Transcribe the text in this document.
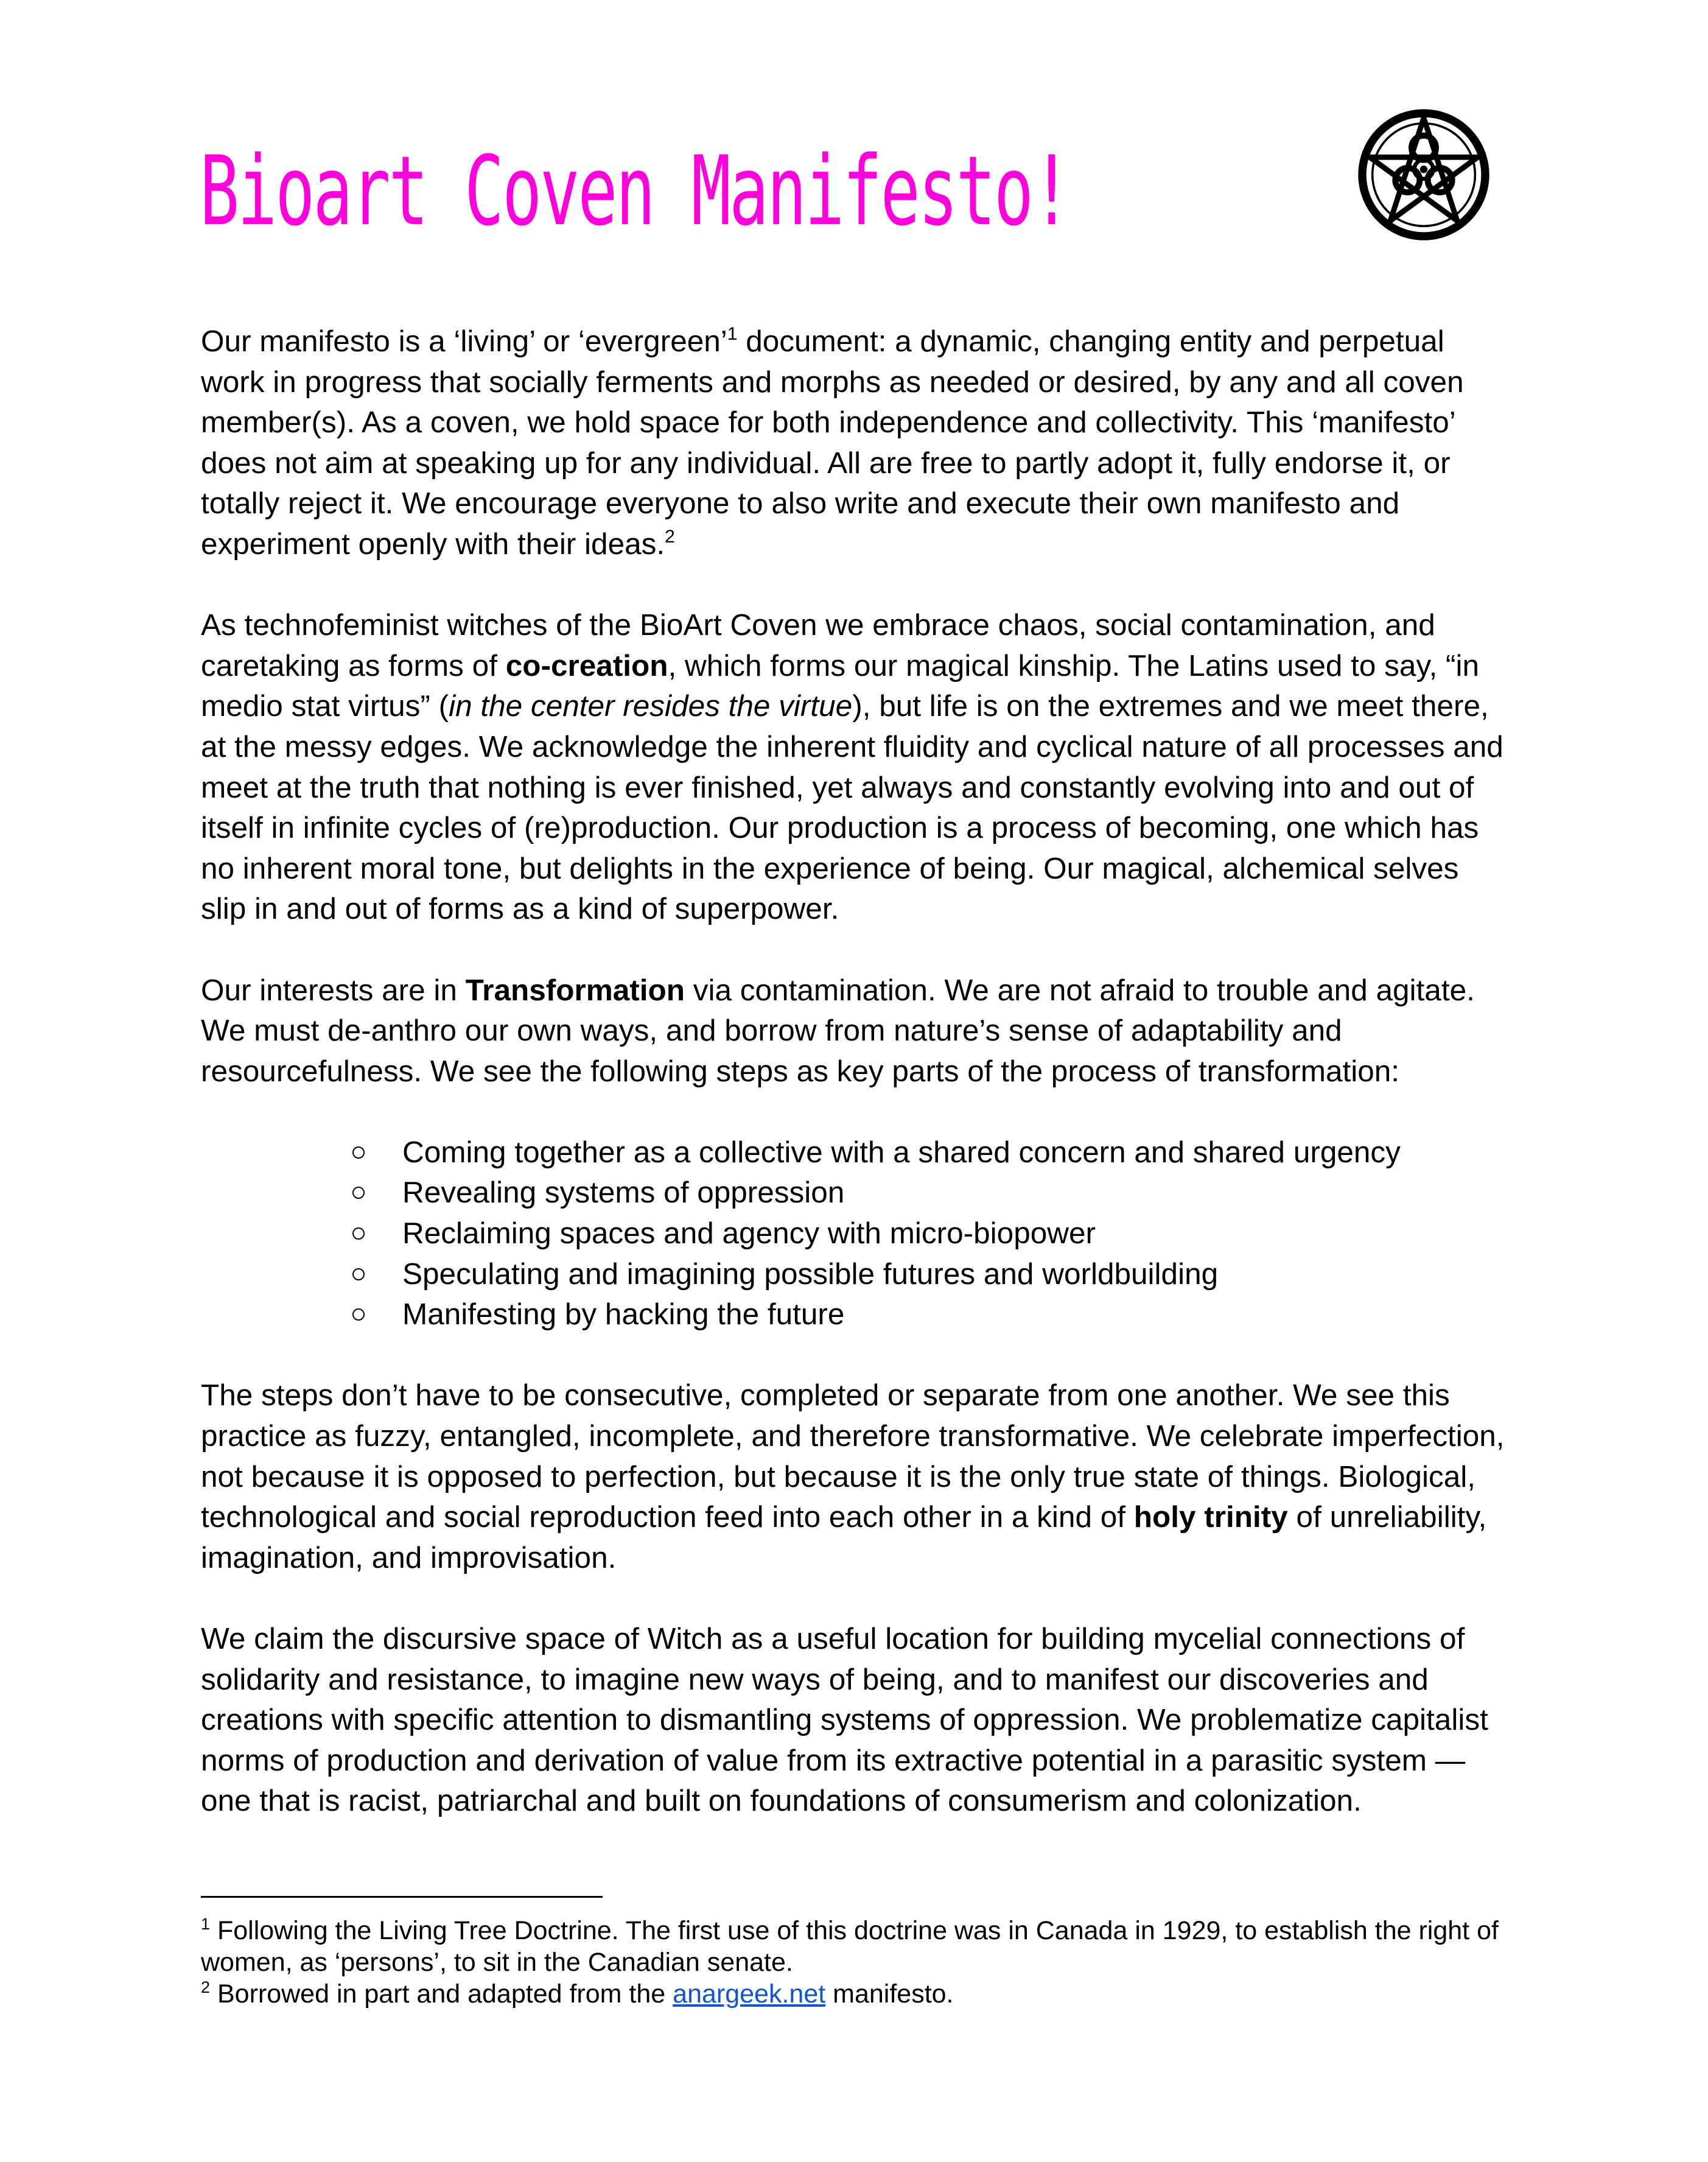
Bioart Coven Manifesto!

Our manifesto is a ‘living’ or ‘evergreen’$^1$ document: a dynamic, changing entity and perpetual work in progress that socially ferments and morphs as needed or desired, by any and all coven member(s). As a coven, we hold space for both independence and collectivity. This ‘manifesto’ does not aim at speaking up for any individual. All are free to partly adopt it, fully endorse it, or totally reject it. We encourage everyone to also write and execute their own manifesto and experiment openly with their ideas.$^2$

As technofeminist witches of the BioArt Coven we embrace chaos, social contamination, and caretaking as forms of co-creation, which forms our magical kinship. The Latins used to say, “in medio stat virtus” (in the center resides the virtue), but life is on the extremes and we meet there, at the messy edges. We acknowledge the inherent fluidity and cyclical nature of all processes and meet at the truth that nothing is ever finished, yet always and constantly evolving into and out of itself in infinite cycles of (re)production. Our production is a process of becoming, one which has no inherent moral tone, but delights in the experience of being. Our magical, alchemical selves slip in and out of forms as a kind of superpower.

Our interests are in Transformation via contamination. We are not afraid to trouble and agitate. We must de-anthro our own ways, and borrow from nature’s sense of adaptability and resourcefulness. We see the following steps as key parts of the process of transformation:

Coming together as a collective with a shared concern and shared urgency
Revealing systems of oppression
Reclaiming spaces and agency with micro-biopower
Speculating and imagining possible futures and worldbuilding
Manifesting by hacking the future

The steps don’t have to be consecutive, completed or separate from one another. We see this practice as fuzzy, entangled, incomplete, and therefore transformative. We celebrate imperfection, not because it is opposed to perfection, but because it is the only true state of things. Biological, technological and social reproduction feed into each other in a kind of holy trinity of unreliability, imagination, and improvisation.

We claim the discursive space of Witch as a useful location for building mycelial connections of solidarity and resistance, to imagine new ways of being, and to manifest our discoveries and creations with specific attention to dismantling systems of oppression. We problematize capitalist norms of production and derivation of value from its extractive potential in a parasitic system — one that is racist, patriarchal and built on foundations of consumerism and colonization.

$^1$ Following the Living Tree Doctrine. The first use of this doctrine was in Canada in 1929, to establish the right of women, as ‘persons’, to sit in the Canadian senate.

$^2$ Borrowed in part and adapted from the anargeek.net manifesto.
